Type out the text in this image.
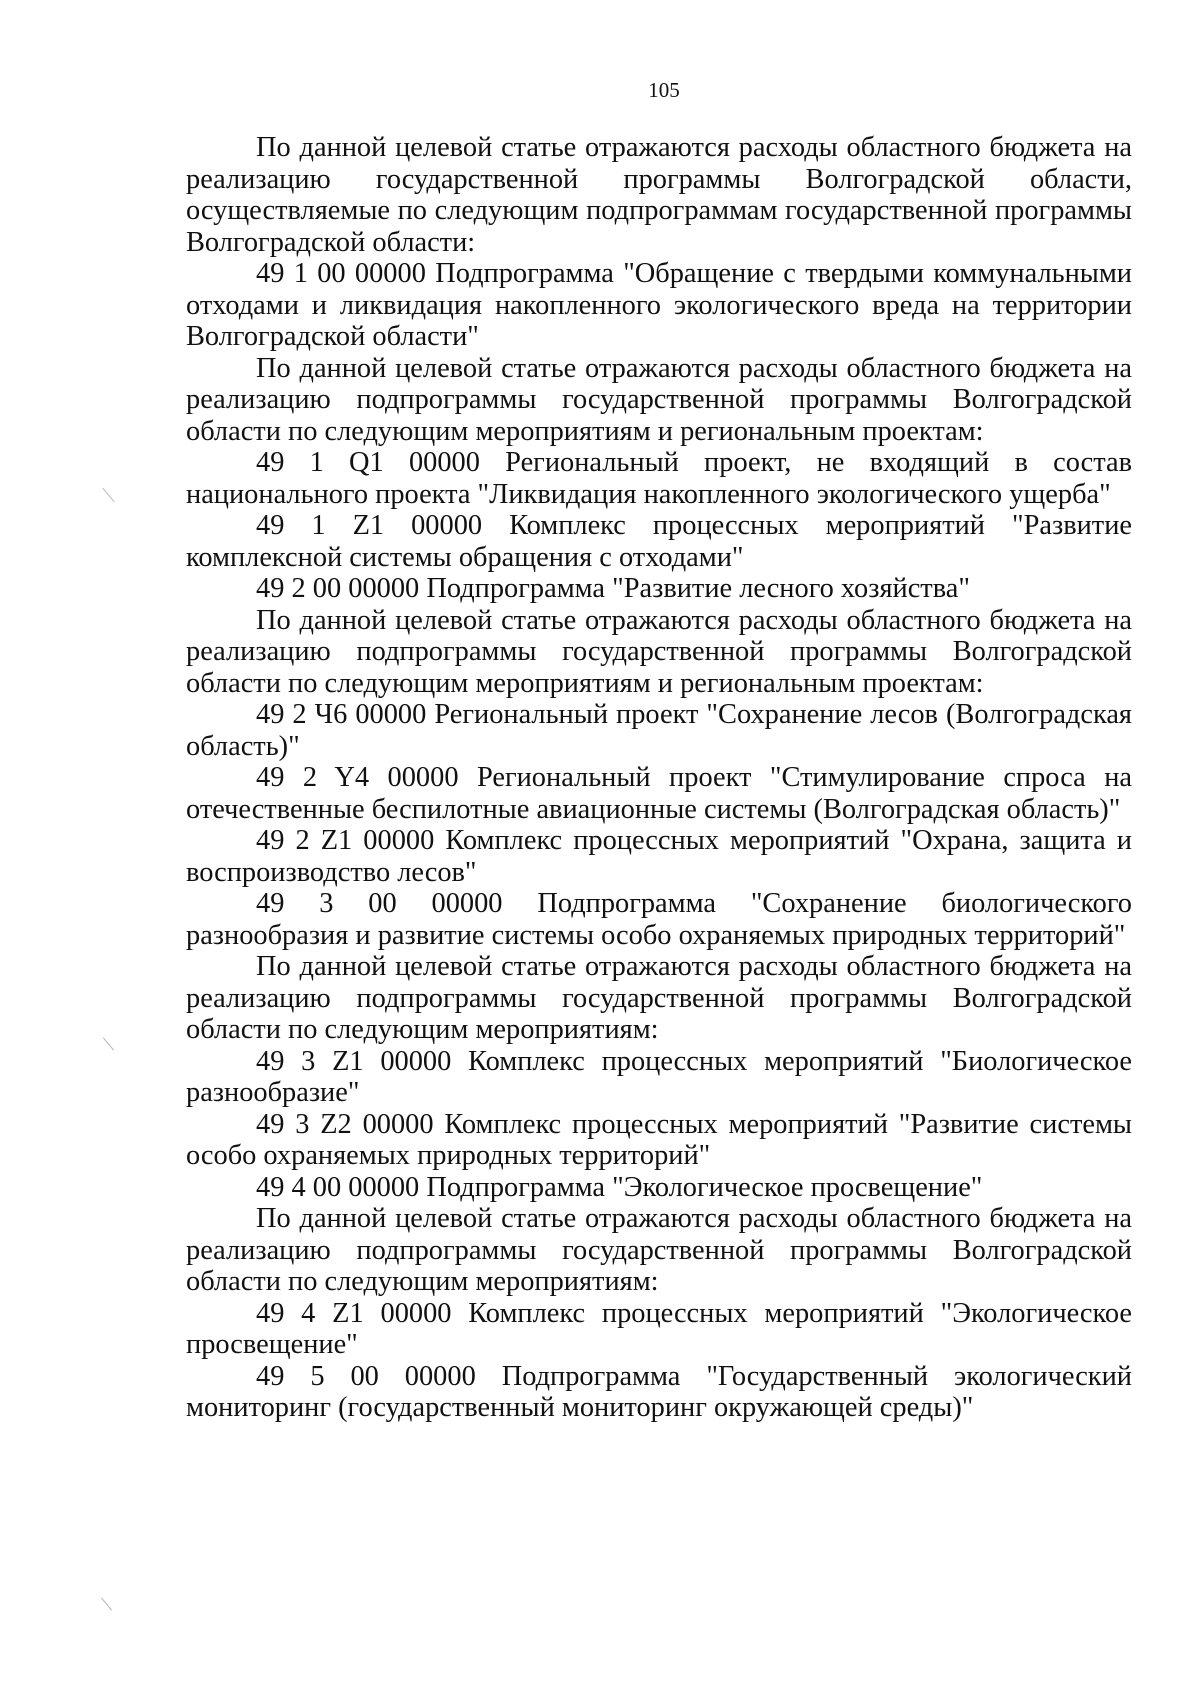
105

По данной целевой статье отражаются расходы областного бюджета на реализацию государственной программы Волгоградской области, осуществляемые по следующим подпрограммам государственной программы Волгоградской области:

49 1 00 00000 Подпрограмма "Обращение с твердыми коммунальными отходами и ликвидация накопленного экологического вреда на территории Волгоградской области"

По данной целевой статье отражаются расходы областного бюджета на реализацию подпрограммы государственной программы Волгоградской области по следующим мероприятиям и региональным проектам:

49 1 Q1 00000 Региональный проект, не входящий в состав национального проекта "Ликвидация накопленного экологического ущерба"

49 1 Z1 00000 Комплекс процессных мероприятий "Развитие комплексной системы обращения с отходами"

49 2 00 00000 Подпрограмма "Развитие лесного хозяйства"

По данной целевой статье отражаются расходы областного бюджета на реализацию подпрограммы государственной программы Волгоградской области по следующим мероприятиям и региональным проектам:

49 2 Ч6 00000 Региональный проект "Сохранение лесов (Волгоградская область)"

49 2 Y4 00000 Региональный проект "Стимулирование спроса на отечественные беспилотные авиационные системы (Волгоградская область)"

49 2 Z1 00000 Комплекс процессных мероприятий "Охрана, защита и воспроизводство лесов"

49 3 00 00000 Подпрограмма "Сохранение биологического разнообразия и развитие системы особо охраняемых природных территорий"

По данной целевой статье отражаются расходы областного бюджета на реализацию подпрограммы государственной программы Волгоградской области по следующим мероприятиям:

49 3 Z1 00000 Комплекс процессных мероприятий "Биологическое разнообразие"

49 3 Z2 00000 Комплекс процессных мероприятий "Развитие системы особо охраняемых природных территорий"

49 4 00 00000 Подпрограмма "Экологическое просвещение"

По данной целевой статье отражаются расходы областного бюджета на реализацию подпрограммы государственной программы Волгоградской области по следующим мероприятиям:

49 4 Z1 00000 Комплекс процессных мероприятий "Экологическое просвещение"

49 5 00 00000 Подпрограмма "Государственный экологический мониторинг (государственный мониторинг окружающей среды)"
